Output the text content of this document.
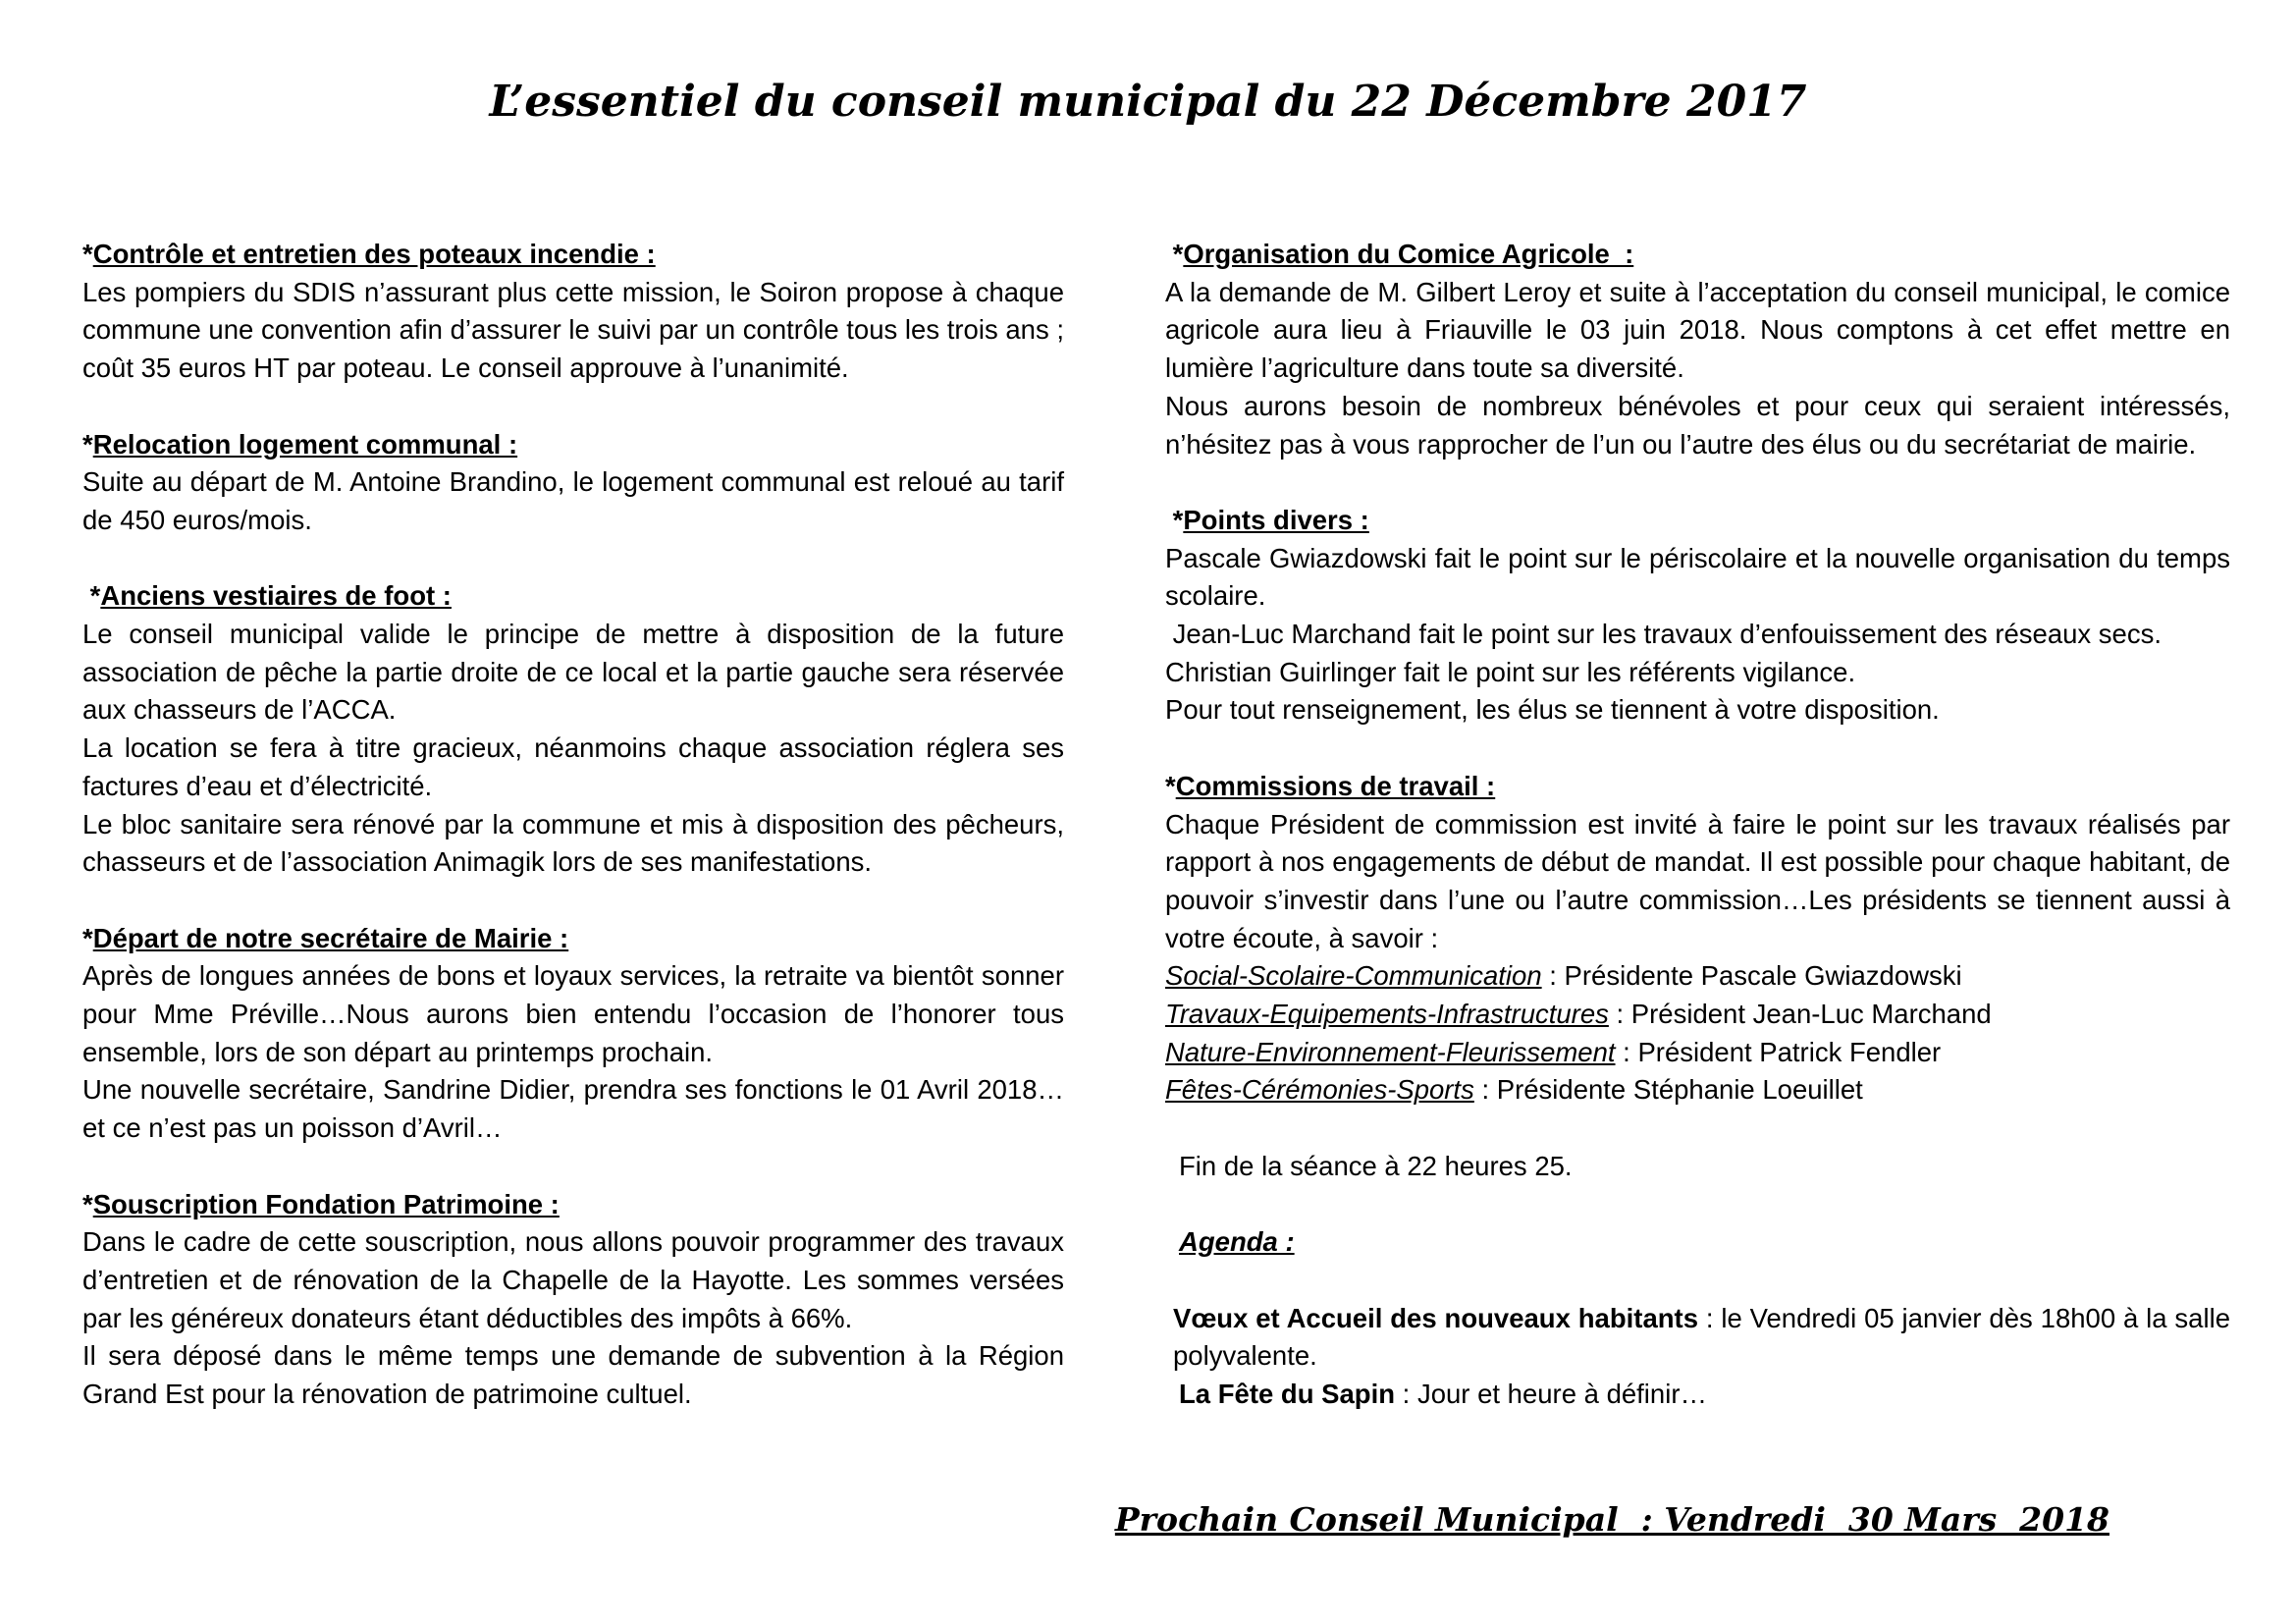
L’essentiel du conseil municipal du 22 Décembre 2017

*Contrôle et entretien des poteaux incendie :

Les pompiers du SDIS n’assurant plus cette mission, le Soiron propose à chaque commune une convention afin d’assurer le suivi par un contrôle tous les trois ans ; coût 35 euros HT par poteau. Le conseil approuve à l’unanimité.

*Relocation logement communal :

Suite au départ de M. Antoine Brandino, le logement communal est reloué au tarif de 450 euros/mois.

*Anciens vestiaires de foot :

Le conseil municipal valide le principe de mettre à disposition de la future association de pêche la partie droite de ce local et la partie gauche sera réservée aux chasseurs de l’ACCA.

La location se fera à titre gracieux, néanmoins chaque association réglera ses factures d’eau et d’électricité.

Le bloc sanitaire sera rénové par la commune et mis à disposition des pêcheurs, chasseurs et de l’association Animagik lors de ses manifestations.

*Départ de notre secrétaire de Mairie :

Après de longues années de bons et loyaux services, la retraite va bientôt sonner pour Mme Préville…Nous aurons bien entendu l’occasion de l’honorer tous ensemble, lors de son départ au printemps prochain.

Une nouvelle secrétaire, Sandrine Didier, prendra ses fonctions le 01 Avril 2018… et ce n’est pas un poisson d’Avril…

*Souscription Fondation Patrimoine :

Dans le cadre de cette souscription, nous allons pouvoir programmer des travaux d’entretien et de rénovation de la Chapelle de la Hayotte. Les sommes versées par les généreux donateurs étant déductibles des impôts à 66%.

Il sera déposé dans le même temps une demande de subvention à la Région Grand Est pour la rénovation de patrimoine cultuel.

*Organisation du Comice Agricole  :

A la demande de M. Gilbert Leroy et suite à l’acceptation du conseil municipal, le comice agricole aura lieu à Friauville le 03 juin 2018. Nous comptons à cet effet mettre en lumière l’agriculture dans toute sa diversité.

Nous aurons besoin de nombreux bénévoles et pour ceux qui seraient intéressés, n’hésitez pas à vous rapprocher de l’un ou l’autre des élus ou du secrétariat de mairie.

*Points divers :

Pascale Gwiazdowski fait le point sur le périscolaire et la nouvelle organisation du temps scolaire.

Jean-Luc Marchand fait le point sur les travaux d’enfouissement des réseaux secs.

Christian Guirlinger fait le point sur les référents vigilance.

Pour tout renseignement, les élus se tiennent à votre disposition.

*Commissions de travail :

Chaque Président de commission est invité à faire le point sur les travaux réalisés par rapport à nos engagements de début de mandat. Il est possible pour chaque habitant, de pouvoir s’investir dans l’une ou l’autre commission…Les présidents se tiennent aussi à votre écoute, à savoir :

Social-Scolaire-Communication : Présidente Pascale Gwiazdowski

Travaux-Equipements-Infrastructures : Président Jean-Luc Marchand

Nature-Environnement-Fleurissement : Président Patrick Fendler

Fêtes-Cérémonies-Sports : Présidente Stéphanie Loeuillet

Fin de la séance à 22 heures 25.

Agenda :

Vœux et Accueil des nouveaux habitants : le Vendredi 05 janvier dès 18h00 à la salle polyvalente.

La Fête du Sapin : Jour et heure à définir…

Prochain Conseil Municipal  : Vendredi  30 Mars  2018
